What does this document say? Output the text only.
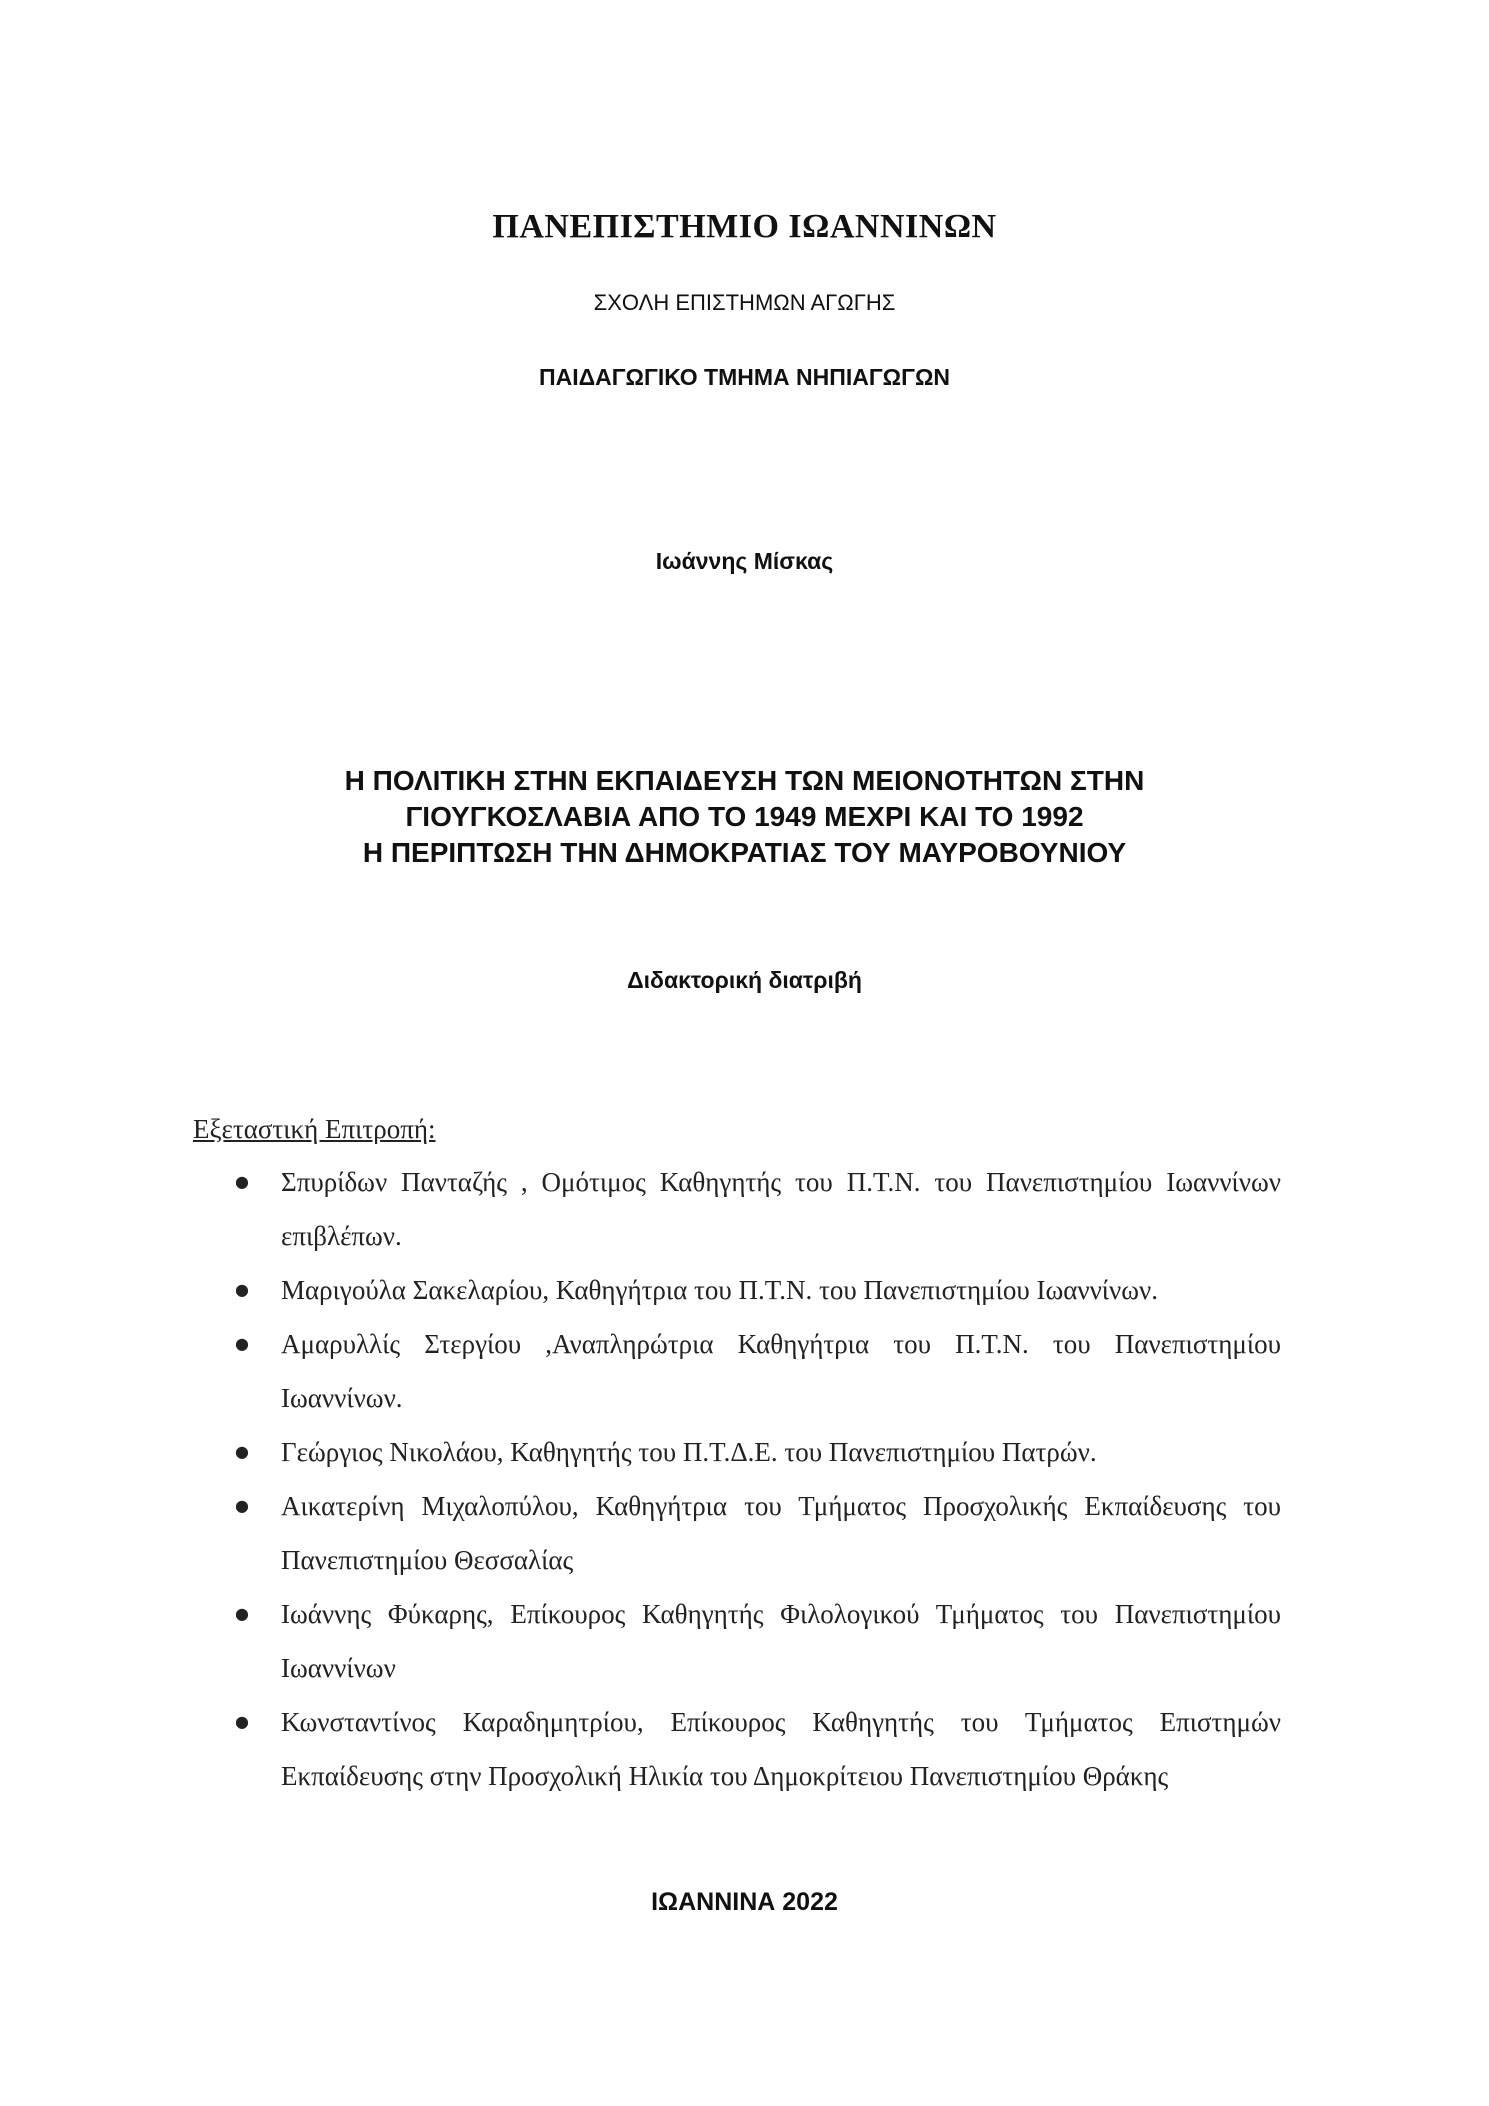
ΠΑΝΕΠΙΣΤΗΜΙΟ ΙΩΑΝΝΙΝΩΝ
ΣΧΟΛΗ ΕΠΙΣΤΗΜΩΝ ΑΓΩΓΗΣ
ΠΑΙΔΑΓΩΓΙΚΟ ΤΜΗΜΑ ΝΗΠΙΑΓΩΓΩΝ
Ιωάννης Μίσκας
Η ΠΟΛΙΤΙΚΗ ΣΤΗΝ ΕΚΠΑΙΔΕΥΣΗ ΤΩΝ ΜΕΙΟΝΟΤΗΤΩΝ ΣΤΗΝ
ΓΙΟΥΓΚΟΣΛΑΒΙΑ ΑΠΟ ΤΟ 1949 ΜΕΧΡΙ ΚΑΙ ΤΟ 1992
Η ΠΕΡΙΠΤΩΣΗ ΤΗΝ ΔΗΜΟΚΡΑΤΙΑΣ ΤΟΥ ΜΑΥΡΟΒΟΥΝΙΟΥ
Διδακτορική διατριβή
Εξεταστική Επιτροπή:
● Σπυρίδων Πανταζής , Ομότιμος Καθηγητής του Π.Τ.Ν. του Πανεπιστημίου Ιωαννίνων επιβλέπων.
● Μαριγούλα Σακελαρίου, Καθηγήτρια του Π.Τ.Ν. του Πανεπιστημίου Ιωαννίνων.
● Αμαρυλλίς Στεργίου ,Αναπληρώτρια Καθηγήτρια του Π.Τ.Ν. του Πανεπιστημίου Ιωαννίνων.
● Γεώργιος Νικολάου, Καθηγητής του Π.Τ.Δ.Ε. του Πανεπιστημίου Πατρών.
● Αικατερίνη Μιχαλοπύλου, Καθηγήτρια του Τμήματος Προσχολικής Εκπαίδευσης του Πανεπιστημίου Θεσσαλίας
● Ιωάννης Φύκαρης, Επίκουρος Καθηγητής Φιλολογικού Τμήματος του Πανεπιστημίου Ιωαννίνων
● Κωνσταντίνος Καραδημητρίου, Επίκουρος Καθηγητής του Τμήματος Επιστημών Εκπαίδευσης στην Προσχολική Ηλικία του Δημοκρίτειου Πανεπιστημίου Θράκης
ΙΩΑΝΝΙΝΑ 2022
